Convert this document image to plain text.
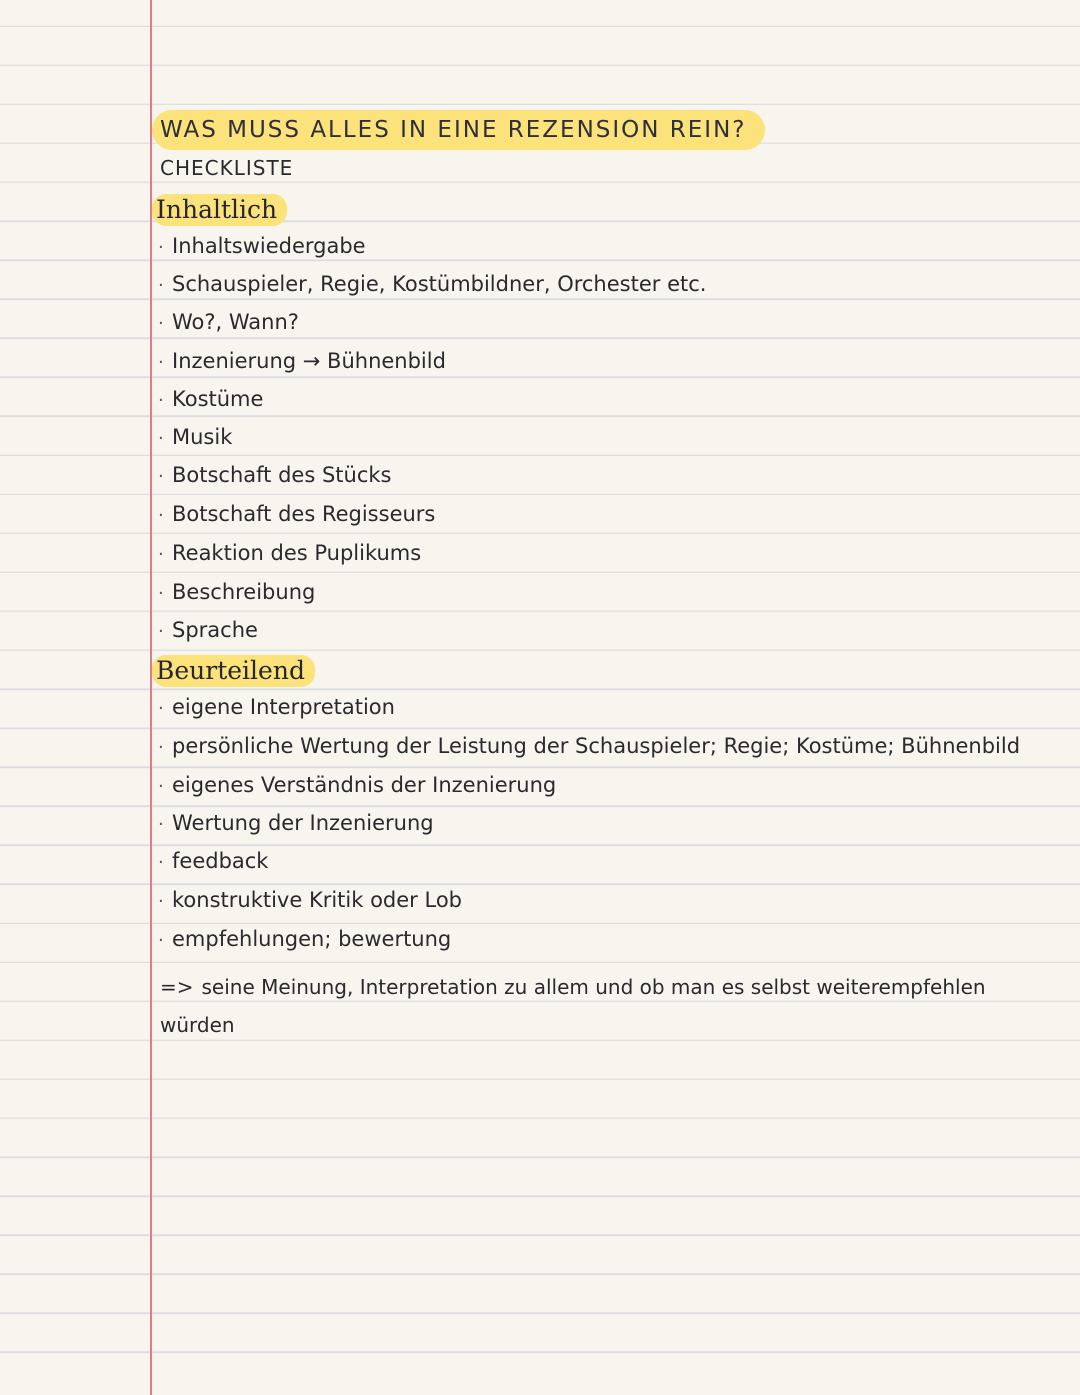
WAS MUSS ALLES IN EINE REZENSION REIN?
CHECKLISTE
Inhaltlich
· Inhaltswiedergabe
· Schauspieler, Regie, Kostümbildner, Orchester etc.
· Wo?, Wann?
· Inzenierung → Bühnenbild
· Kostüme
· Musik
· Botschaft des Stücks
· Botschaft des Regisseurs
· Reaktion des Puplikums
· Beschreibung
· Sprache
Beurteilend
· eigene Interpretation
· persönliche Wertung der Leistung der Schauspieler; Regie; Kostüme; Bühnenbild
· eigenes Verständnis der Inzenierung
· Wertung der Inzenierung
· feedback
· konstruktive Kritik oder Lob
· empfehlungen; bewertung
=> seine Meinung, Interpretation zu allem und ob man es selbst weiterempfehlen würden
